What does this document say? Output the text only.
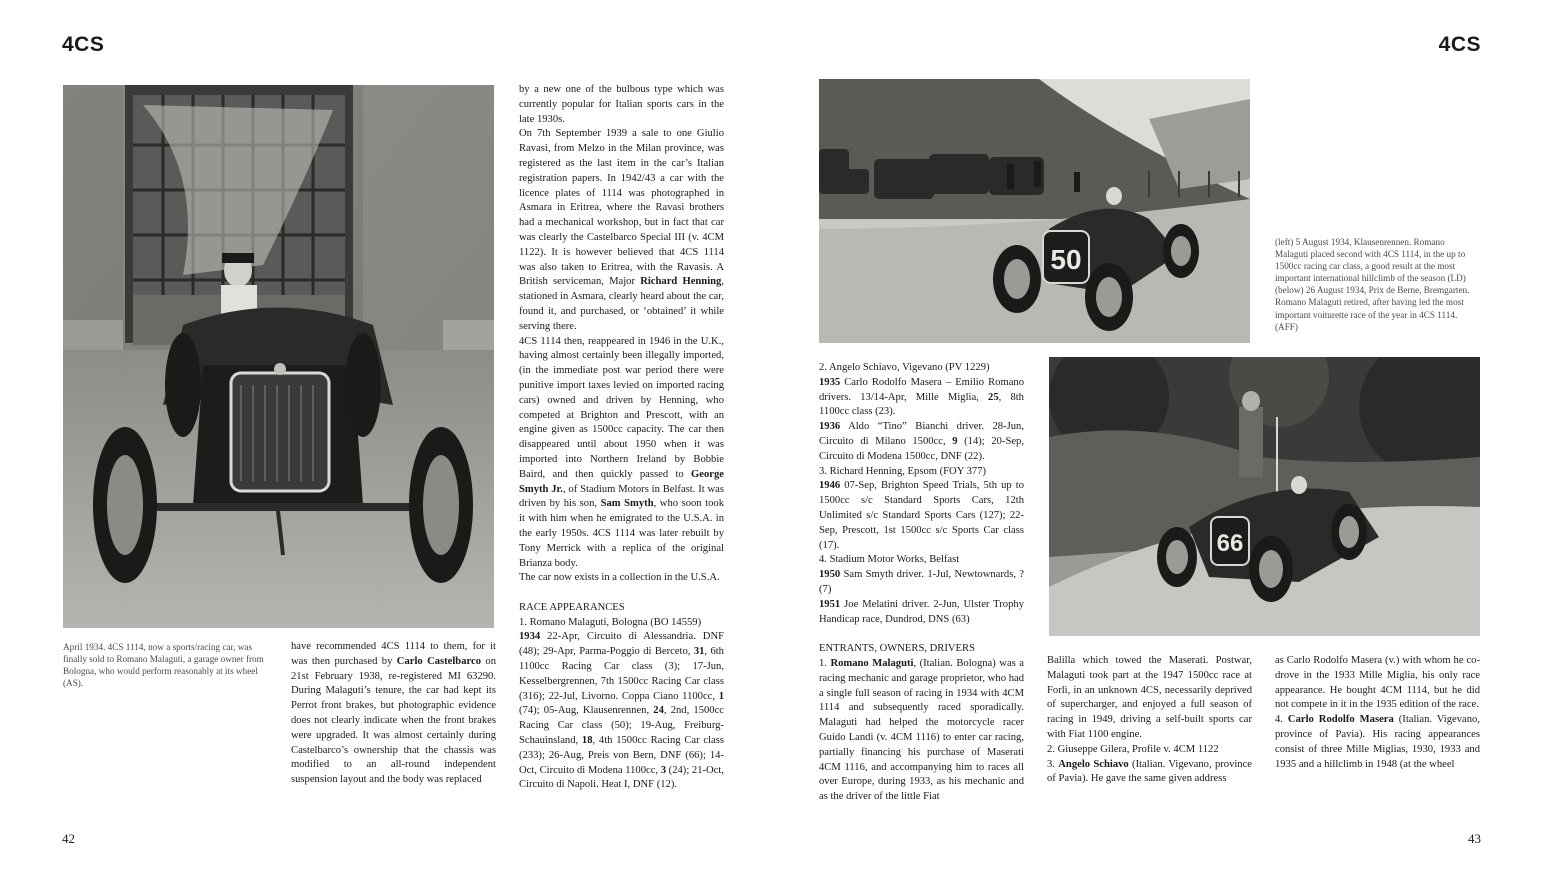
4CS

April 1934. 4CS 1114, now a sports/racing car, was finally sold to Romano Malaguti, a garage owner from Bologna, who would perform reasonably at its wheel (AS).

have recommended 4CS 1114 to them, for it was then purchased by Carlo Castelbarco on 21st February 1938, re-registered MI 63290. During Malaguti’s tenure, the car had kept its Perrot front brakes, but photographic evidence does not clearly indicate when the front brakes were upgraded. It was almost certainly during Castelbarco’s ownership that the chassis was modified to an all-round independent suspension layout and the body was replaced

by a new one of the bulbous type which was currently popular for Italian sports cars in the late 1930s.

On 7th September 1939 a sale to one Giulio Ravasi, from Melzo in the Milan province, was registered as the last item in the car’s Italian registration papers. In 1942/43 a car with the licence plates of 1114 was photographed in Asmara in Eritrea, where the Ravasi brothers had a mechanical workshop, but in fact that car was clearly the Castelbarco Special III (v. 4CM 1122). It is however believed that 4CS 1114 was also taken to Eritrea, with the Ravasis. A British serviceman, Major Richard Henning, stationed in Asmara, clearly heard about the car, found it, and purchased, or ‘obtained’ it while serving there.

4CS 1114 then, reappeared in 1946 in the U.K., having almost certainly been illegally imported, (in the immediate post war period there were punitive import taxes levied on imported racing cars) owned and driven by Henning, who competed at Brighton and Prescott, with an engine given as 1500cc capacity. The car then disappeared until about 1950 when it was imported into Northern Ireland by Bobbie Baird, and then quickly passed to George Smyth Jr., of Stadium Motors in Belfast. It was driven by his son, Sam Smyth, who soon took it with him when he emigrated to the U.S.A. in the early 1950s. 4CS 1114 was later rebuilt by Tony Merrick with a replica of the original Brianza body.

The car now exists in a collection in the U.S.A.

RACE APPEARANCES

1. Romano Malaguti, Bologna (BO 14559)

1934 22-Apr, Circuito di Alessandria. DNF (48); 29-Apr, Parma-Poggio di Berceto, 31, 6th 1100cc Racing Car class (3); 17-Jun, Kesselbergrennen, 7th 1500cc Racing Car class (316); 22-Jul, Livorno. Coppa Ciano 1100cc, 1 (74); 05-Aug, Klausenrennen, 24, 2nd, 1500cc Racing Car class (50); 19-Aug, Freiburg-Schauinsland, 18, 4th 1500cc Racing Car class (233); 26-Aug, Preis von Bern, DNF (66); 14-Oct, Circuito di Modena 1100cc, 3 (24); 21-Oct, Circuito di Napoli. Heat I, DNF (12).

42
4CS
50

(left) 5 August 1934, Klausenrennen. Romano Malaguti placed second with 4CS 1114, in the up to 1500cc racing car class, a good result at the most important international hillclimb of the season (LD)
(below) 26 August 1934, Prix de Berne, Bremgarten. Romano Malaguti retired, after having led the most important voiturette race of the year in 4CS 1114. (AFF)

66

2. Angelo Schiavo, Vigevano (PV 1229)

1935 Carlo Rodolfo Masera – Emilio Romano drivers. 13/14-Apr, Mille Miglia, 25, 8th 1100cc class (23).

1936 Aldo “Tino” Bianchi driver. 28-Jun, Circuito di Milano 1500cc, 9 (14); 20-Sep, Circuito di Modena 1500cc, DNF (22).

3. Richard Henning, Epsom (FOY 377)

1946 07-Sep, Brighton Speed Trials, 5th up to 1500cc s/c Standard Sports Cars, 12th Unlimited s/c Standard Sports Cars (127); 22-Sep, Prescott, 1st 1500cc s/c Sports Car class (17).

4. Stadium Motor Works, Belfast

1950 Sam Smyth driver. 1-Jul, Newtownards, ? (7)

1951 Joe Melatini driver. 2-Jun, Ulster Trophy Handicap race, Dundrod, DNS (63)

ENTRANTS, OWNERS, DRIVERS

1. Romano Malaguti, (Italian. Bologna) was a racing mechanic and garage proprietor, who had a single full season of racing in 1934 with 4CM 1114 and subsequently raced sporadically. Malaguti had helped the motorcycle racer Guido Landi (v. 4CM 1116) to enter car racing, partially financing his purchase of Maserati 4CM 1116, and accompanying him to races all over Europe, during 1933, as his mechanic and as the driver of the little Fiat

Balilla which towed the Maserati. Postwar, Malaguti took part at the 1947 1500cc race at Forlì, in an unknown 4CS, necessarily deprived of supercharger, and enjoyed a full season of racing in 1949, driving a self-built sports car with Fiat 1100 engine.

2. Giuseppe Gilera, Profile v. 4CM 1122

3. Angelo Schiavo (Italian. Vigevano, province of Pavia). He gave the same given address

as Carlo Rodolfo Masera (v.) with whom he co-drove in the 1933 Mille Miglia, his only race appearance. He bought 4CM 1114, but he did not compete in it in the 1935 edition of the race.

4. Carlo Rodolfo Masera (Italian. Vigevano, province of Pavia). His racing appearances consist of three Mille Miglias, 1930, 1933 and 1935 and a hillclimb in 1948 (at the wheel

43
